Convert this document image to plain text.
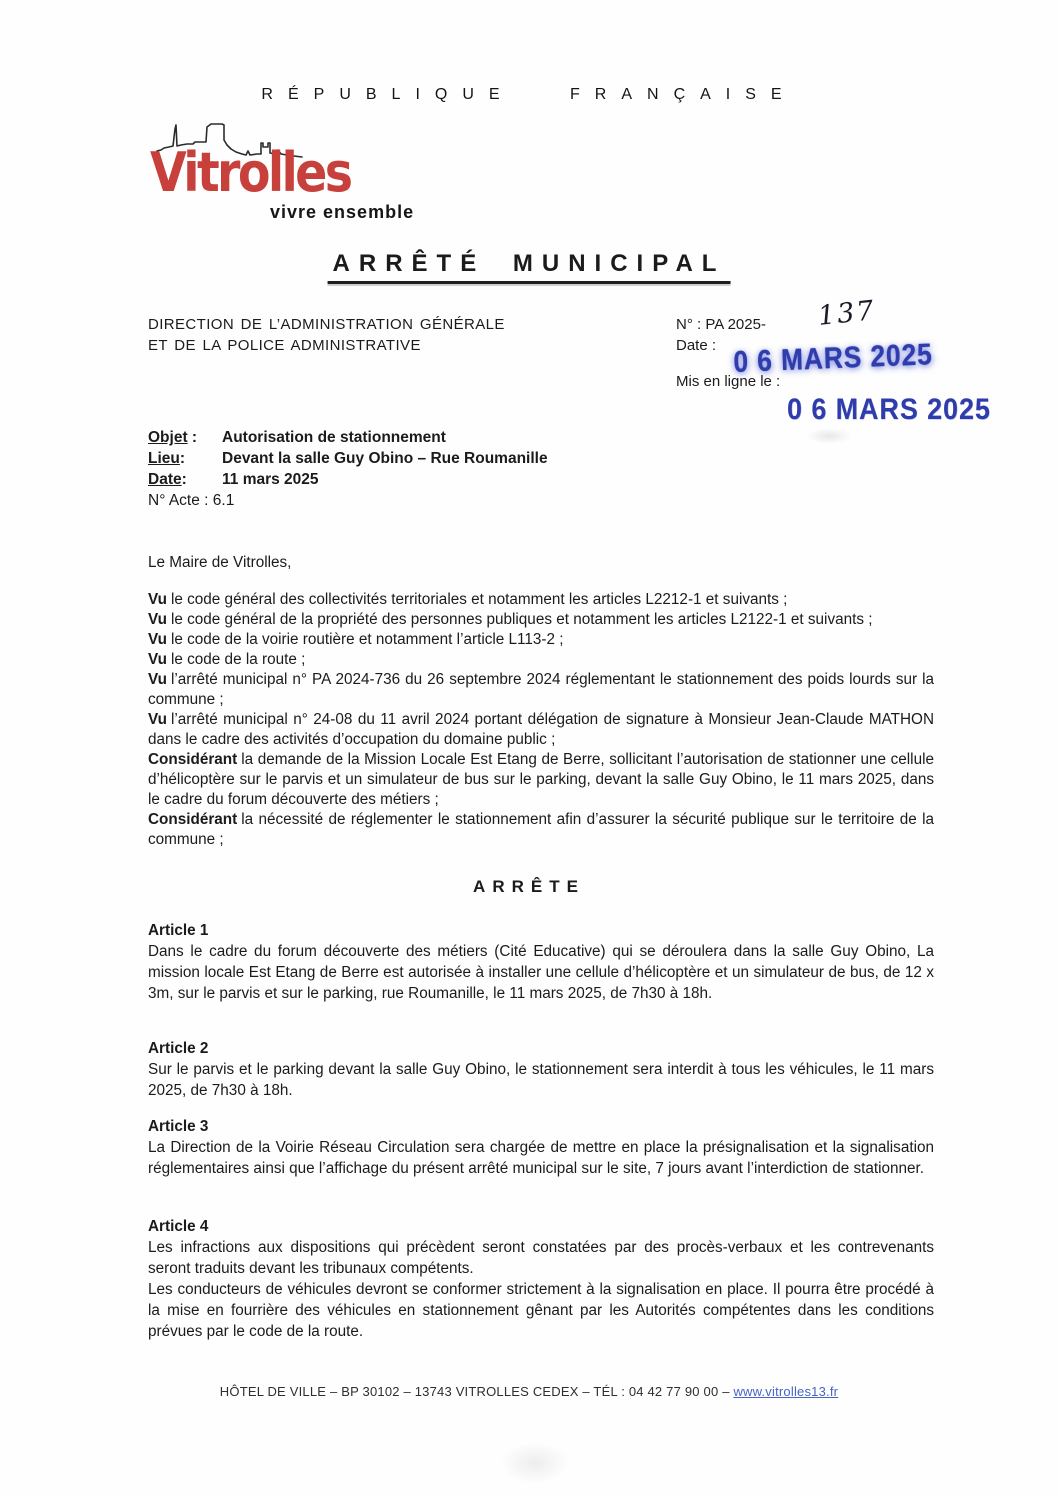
RÉPUBLIQUE FRANÇAISE
Vitrolles
vivre ensemble
ARRÊTÉ MUNICIPAL
DIRECTION DE L’ADMINISTRATION GÉNÉRALE
ET DE LA POLICE ADMINISTRATIVE
N° : PA 2025-
Date :
Mis en ligne le :
137
0 6 MARS 2025
0 6 MARS 2025
Objet : Autorisation de stationnement
Lieu: Devant la salle Guy Obino – Rue Roumanille
Date: 11 mars 2025
N° Acte : 6.1
Le Maire de Vitrolles,

Vu le code général des collectivités territoriales et notamment les articles L2212-1 et suivants ;

Vu le code général de la propriété des personnes publiques et notamment les articles L2122-1 et suivants ;

Vu le code de la voirie routière et notamment l’article L113-2 ;

Vu le code de la route ;

Vu l’arrêté municipal n° PA 2024-736 du 26 septembre 2024 réglementant le stationnement des poids lourds sur la commune ;

Vu l’arrêté municipal n° 24-08 du 11 avril 2024 portant délégation de signature à Monsieur Jean-Claude MATHON dans le cadre des activités d’occupation du domaine public ;

Considérant la demande de la Mission Locale Est Etang de Berre, sollicitant l’autorisation de stationner une cellule d’hélicoptère sur le parvis et un simulateur de bus sur le parking, devant la salle Guy Obino, le 11 mars 2025, dans le cadre du forum découverte des métiers ;

Considérant la nécessité de réglementer le stationnement afin d’assurer la sécurité publique sur le territoire de la commune ;

ARRÊTE
Article 1

Dans le cadre du forum découverte des métiers (Cité Educative) qui se déroulera dans la salle Guy Obino, La mission locale Est Etang de Berre est autorisée à installer une cellule d’hélicoptère et un simulateur de bus, de 12 x 3m, sur le parvis et sur le parking, rue Roumanille, le 11 mars 2025, de 7h30 à 18h.

Article 2

Sur le parvis et le parking devant la salle Guy Obino, le stationnement sera interdit à tous les véhicules, le 11 mars 2025, de 7h30 à 18h.

Article 3

La Direction de la Voirie Réseau Circulation sera chargée de mettre en place la présignalisation et la signalisation réglementaires ainsi que l’affichage du présent arrêté municipal sur le site, 7 jours avant l’interdiction de stationner.

Article 4

Les infractions aux dispositions qui précèdent seront constatées par des procès-verbaux et les contrevenants seront traduits devant les tribunaux compétents.

Les conducteurs de véhicules devront se conformer strictement à la signalisation en place. Il pourra être procédé à la mise en fourrière des véhicules en stationnement gênant par les Autorités compétentes dans les conditions prévues par le code de la route.

HÔTEL DE VILLE – BP 30102 – 13743 VITROLLES CEDEX – TÉL : 04 42 77 90 00 – www.vitrolles13.fr
